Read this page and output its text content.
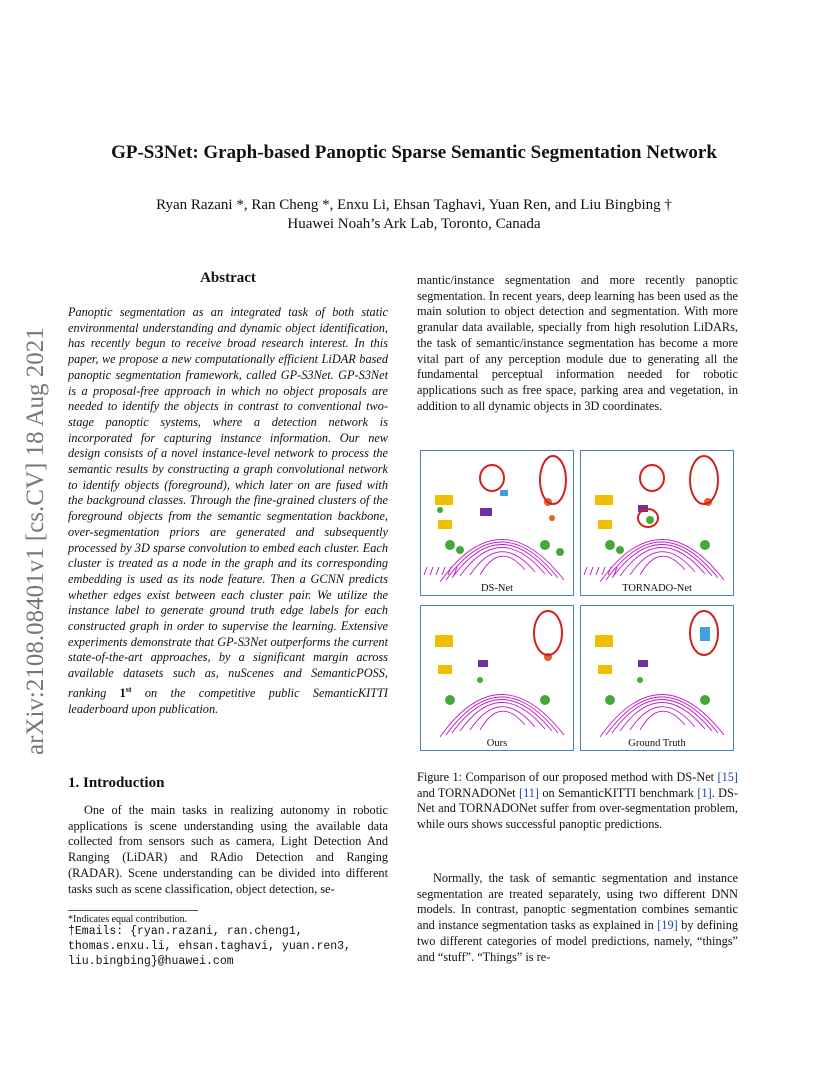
arXiv:2108.08401v1 [cs.CV] 18 Aug 2021
GP-S3Net: Graph-based Panoptic Sparse Semantic Segmentation Network
Ryan Razani *, Ran Cheng *, Enxu Li, Ehsan Taghavi, Yuan Ren, and Liu Bingbing †
Huawei Noah’s Ark Lab, Toronto, Canada
Abstract
Panoptic segmentation as an integrated task of both static environmental understanding and dynamic object identification, has recently begun to receive broad research interest. In this paper, we propose a new computationally efficient LiDAR based panoptic segmentation framework, called GP-S3Net. GP-S3Net is a proposal-free approach in which no object proposals are needed to identify the objects in contrast to conventional two-stage panoptic systems, where a detection network is incorporated for capturing instance information. Our new design consists of a novel instance-level network to process the semantic results by constructing a graph convolutional network to identify objects (foreground), which later on are fused with the background classes. Through the fine-grained clusters of the foreground objects from the semantic segmentation backbone, over-segmentation priors are generated and subsequently processed by 3D sparse convolution to embed each cluster. Each cluster is treated as a node in the graph and its corresponding embedding is used as its node feature. Then a GCNN predicts whether edges exist between each cluster pair. We utilize the instance label to generate ground truth edge labels for each constructed graph in order to supervise the learning. Extensive experiments demonstrate that GP-S3Net outperforms the current state-of-the-art approaches, by a significant margin across available datasets such as, nuScenes and SemanticPOSS, ranking 1st on the competitive public SemanticKITTI leaderboard upon publication.
1. Introduction
One of the main tasks in realizing autonomy in robotic applications is scene understanding using the available data collected from sensors such as camera, Light Detection And Ranging (LiDAR) and RAdio Detection and Ranging (RADAR). Scene understanding can be divided into different tasks such as scene classification, object detection, se-
*Indicates equal contribution.
†Emails: {ryan.razani, ran.cheng1, thomas.enxu.li, ehsan.taghavi, yuan.ren3, liu.bingbing}@huawei.com
mantic/instance segmentation and more recently panoptic segmentation. In recent years, deep learning has been used as the main solution to object detection and segmentation. With more granular data available, specially from high resolution LiDARs, the task of semantic/instance segmentation has become a more vital part of any perception module due to generating all the fundamental perceptual information needed for robotic applications such as free space, parking area and vegetation, in addition to all dynamic objects in 3D coordinates.
DS-Net	TORNADO-Net
Ours	Ground Truth
Figure 1: Comparison of our proposed method with DS-Net [15] and TORNADONet [11] on SemanticKITTI benchmark [1]. DS-Net and TORNADONet suffer from over-segmentation problem, while ours shows successful panoptic predictions.
Normally, the task of semantic segmentation and instance segmentation are treated separately, using two different DNN models. In contrast, panoptic segmentation combines semantic and instance segmentation tasks as explained in [19] by defining two different categories of model predictions, namely, “things” and “stuff”. “Things” is re-
